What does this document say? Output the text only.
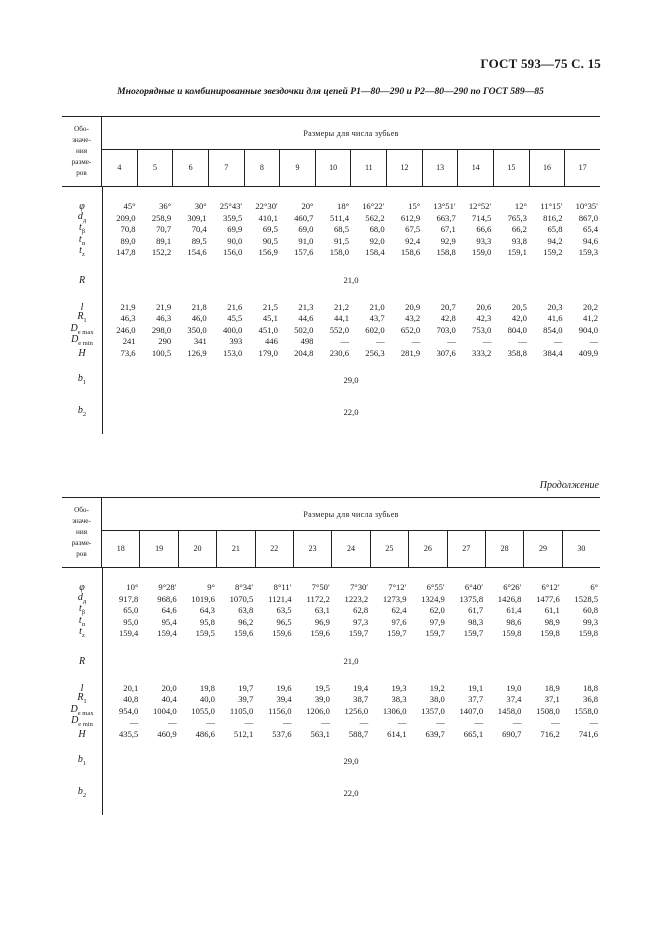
ГОСТ 593—75 С. 15
Многорядные и комбинированные звездочки для цепей Р1—80—290 и Р2—80—290 по ГОСТ 589—85
Обо-
значе-
ния
разме-
ров
Размеры для числа зубьев
4	5	6	7	8	9	10	11	12	13	14	15	16	17
φ	45°	36°	30°	25°43′	22°30′	20°	18°	16°22′	15°	13°51′	12°52′	12°	11°15′	10°35′
$d_д$	209,0	258,9	309,1	359,5	410,1	460,7	511,4	562,2	612,9	663,7	714,5	765,3	816,2	867,0
$t_\beta$	70,8	70,7	70,4	69,9	69,5	69,0	68,5	68,0	67,5	67,1	66,6	66,2	65,8	65,4
$t_\alpha$	89,0	89,1	89,5	90,0	90,5	91,0	91,5	92,0	92,4	92,9	93,3	93,8	94,2	94,6
$t_z$	147,8	152,2	154,6	156,0	156,9	157,6	158,0	158,4	158,6	158,8	159,0	159,1	159,2	159,3
R	21,0
l	21,9	21,9	21,8	21,6	21,5	21,3	21,2	21,0	20,9	20,7	20,6	20,5	20,3	20,2
$R_1$	46,3	46,3	46,0	45,5	45,1	44,6	44,1	43,7	43,2	42,8	42,3	42,0	41,6	41,2
$D_{e max}$	246,0	298,0	350,0	400,0	451,0	502,0	552,0	602,0	652,0	703,0	753,0	804,0	854,0	904,0
$D_{e min}$	241	290	341	393	446	498	—	—	—	—	—	—	—	—
H	73,6	100,5	126,9	153,0	179,0	204,8	230,6	256,3	281,9	307,6	333,2	358,8	384,4	409,9
$b_1$	29,0
$b_2$	22,0
Продолжение
Обо-
значе-
ния
разме-
ров
Размеры для числа зубьев
18	19	20	21	22	23	24	25	26	27	28	29	30
φ	10°	9°28′	9°	8°34′	8°11′	7°50′	7°30′	7°12′	6°55′	6°40′	6°26′	6°12′	6°
$d_д$	917,8	968,6	1019,6	1070,5	1121,4	1172,2	1223,2	1273,9	1324,9	1375,8	1426,8	1477,6	1528,5
$t_\beta$	65,0	64,6	64,3	63,8	63,5	63,1	62,8	62,4	62,0	61,7	61,4	61,1	60,8
$t_\alpha$	95,0	95,4	95,8	96,2	96,5	96,9	97,3	97,6	97,9	98,3	98,6	98,9	99,3
$t_z$	159,4	159,4	159,5	159,6	159,6	159,6	159,7	159,7	159,7	159,7	159,8	159,8	159,8
R	21,0
l	20,1	20,0	19,8	19,7	19,6	19,5	19,4	19,3	19,2	19,1	19,0	18,9	18,8
$R_1$	40,8	40,4	40,0	39,7	39,4	39,0	38,7	38,3	38,0	37,7	37,4	37,1	36,8
$D_{e max}$	954,0	1004,0	1055,0	1105,0	1156,0	1206,0	1256,0	1306,0	1357,0	1407,0	1458,0	1508,0	1558,0
$D_{e min}$	—	—	—	—	—	—	—	—	—	—	—	—	—
H	435,5	460,9	486,6	512,1	537,6	563,1	588,7	614,1	639,7	665,1	690,7	716,2	741,6
$b_1$	29,0
$b_2$	22,0
